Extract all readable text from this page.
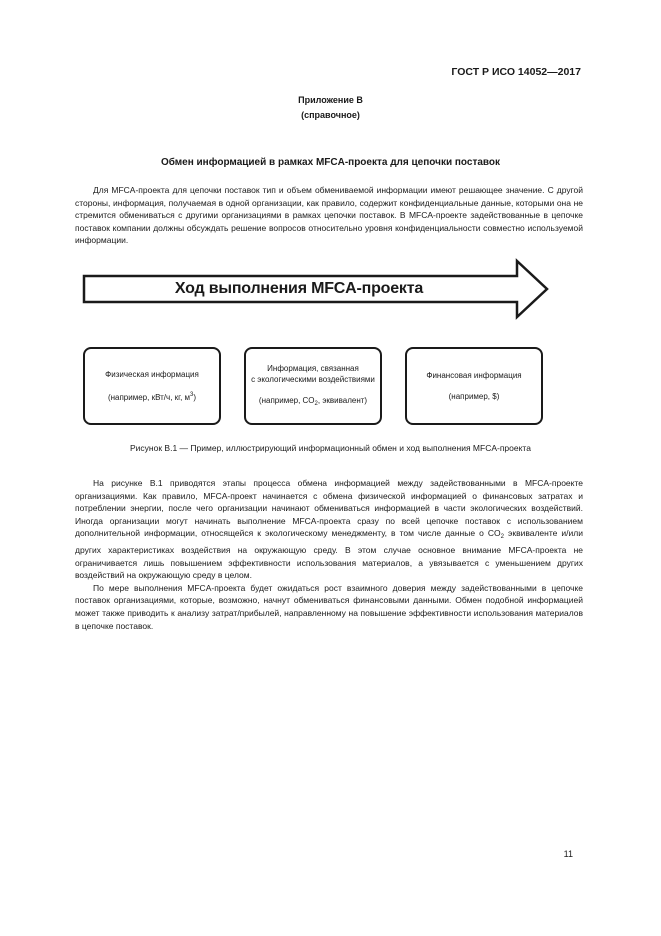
ГОСТ Р ИСО 14052—2017
Приложение В
(справочное)
Обмен информацией в рамках MFCA-проекта для цепочки поставок

Для MFCA-проекта для цепочки поставок тип и объем обмениваемой информации имеют решающее значение. С другой стороны, информация, получаемая в одной организации, как правило, содержит конфиденциальные данные, которыми она не стремится обмениваться с другими организациями в рамках цепочки поставок. В MFCA-проекте задействованные в цепочке поставок компании должны обсуждать решение вопросов относительно уровня конфиденциальности совместно используемой информации.

Ход выполнения MFCA-проекта
Физическая информация
(например, кВт/ч, кг, $м^3$)
Информация, связанная
с экологическими воздействиями
(например, $CO_2$, эквивалент)
Финансовая информация
(например, $)
Рисунок В.1 — Пример, иллюстрирующий информационный обмен и ход выполнения MFCA-проекта

На рисунке В.1 приводятся этапы процесса обмена информацией между задействованными в MFCA-проекте организациями. Как правило, MFCA-проект начинается с обмена физической информацией о финансовых затратах и потреблении энергии, после чего организации начинают обмениваться информацией в части экологических воздействий. Иногда организации могут начинать выполнение MFCA-проекта сразу по всей цепочке поставок с использованием дополнительной информации, относящейся к экологическому менеджменту, в том числе данные о $CO_2$ эквиваленте и/или других характеристиках воздействия на окружающую среду. В этом случае основное внимание MFCA-проекта не ограничивается лишь повышением эффективности использования материалов, а увязывается с уменьшением других воздействий на окружающую среду в целом.

По мере выполнения MFCA-проекта будет ожидаться рост взаимного доверия между задействованными в цепочке поставок организациями, которые, возможно, начнут обмениваться финансовыми данными. Обмен подобной информацией может также приводить к анализу затрат/прибылей, направленному на повышение эффективности использования материалов в цепочке поставок.

11
